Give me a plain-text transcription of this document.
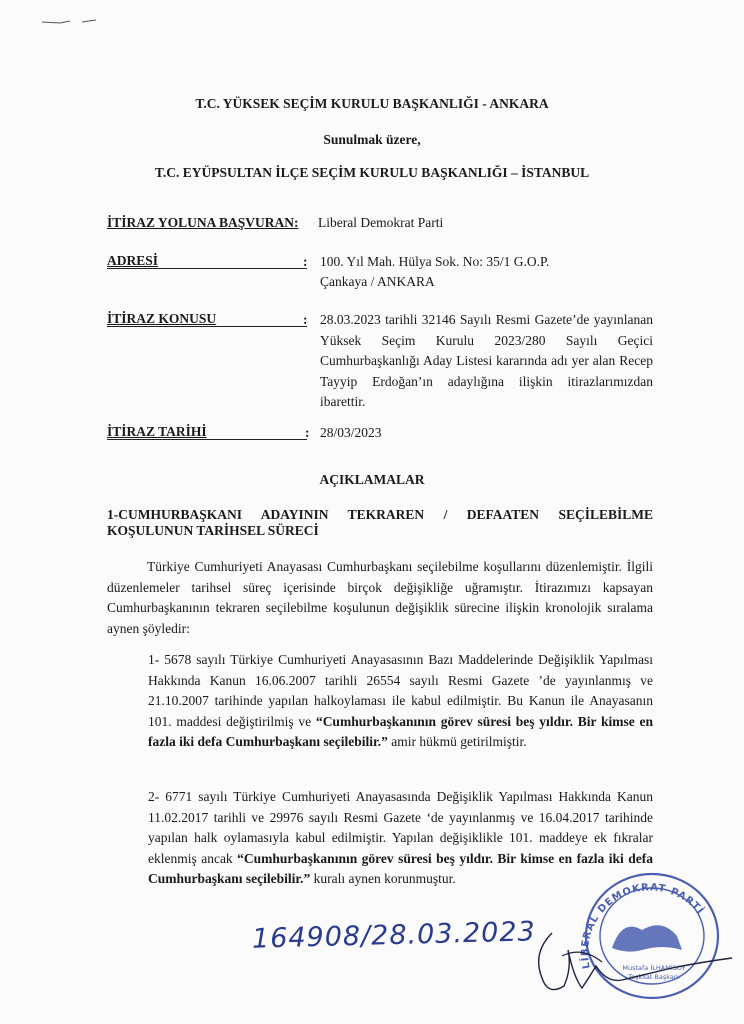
T.C. YÜKSEK SEÇİM KURULU BAŞKANLIĞI - ANKARA
Sunulmak üzere,
T.C. EYÜPSULTAN İLÇE SEÇİM KURULU BAŞKANLIĞI – İSTANBUL
İTİRAZ YOLUNA BAŞVURAN: Liberal Demokrat Parti
ADRESİ	: 100. Yıl Mah. Hülya Sok. No: 35/1 G.O.P.
Çankaya / ANKARA
İTİRAZ KONUSU	: 28.03.2023 tarihli 32146 Sayılı Resmi Gazete’de yayınlanan Yüksek Seçim Kurulu 2023/280 Sayılı Geçici Cumhurbaşkanlığı Aday Listesi kararında adı yer alan Recep Tayyip Erdoğan’ın adaylığına ilişkin itirazlarımızdan ibarettir.
İTİRAZ TARİHİ	: 28/03/2023
AÇIKLAMALAR
1-CUMHURBAŞKANI ADAYININ TEKRAREN / DEFAATEN SEÇİLEBİLME KOŞULUNUN TARİHSEL SÜRECİ
Türkiye Cumhuriyeti Anayasası Cumhurbaşkanı seçilebilme koşullarını düzenlemiştir. İlgili düzenlemeler tarihsel süreç içerisinde birçok değişikliğe uğramıştır. İtirazımızı kapsayan Cumhurbaşkanının tekraren seçilebilme koşulunun değişiklik sürecine ilişkin kronolojik sıralama aynen şöyledir:
1- 5678 sayılı Türkiye Cumhuriyeti Anayasasının Bazı Maddelerinde Değişiklik Yapılması Hakkında Kanun 16.06.2007 tarihli 26554 sayılı Resmi Gazete ’de yayınlanmış ve 21.10.2007 tarihinde yapılan halkoylaması ile kabul edilmiştir. Bu Kanun ile Anayasanın 101. maddesi değiştirilmiş ve “Cumhurbaşkanının görev süresi beş yıldır. Bir kimse en fazla iki defa Cumhurbaşkanı seçilebilir.” amir hükmü getirilmiştir.
2- 6771 sayılı Türkiye Cumhuriyeti Anayasasında Değişiklik Yapılması Hakkında Kanun 11.02.2017 tarihli ve 29976 sayılı Resmi Gazete ‘de yayınlanmış ve 16.04.2017 tarihinde yapılan halk oylamasıyla kabul edilmiştir. Yapılan değişiklikle 101. maddeye ek fıkralar eklenmiş ancak “Cumhurbaşkanının görev süresi beş yıldır. Bir kimse en fazla iki defa Cumhurbaşkanı seçilebilir.” kuralı aynen korunmuştur.
164908/28.03.2023
LİBERAL DEMOKRAT PARTİ
Mustafa İLHAMİSOY
Teşkilat Başkanı
